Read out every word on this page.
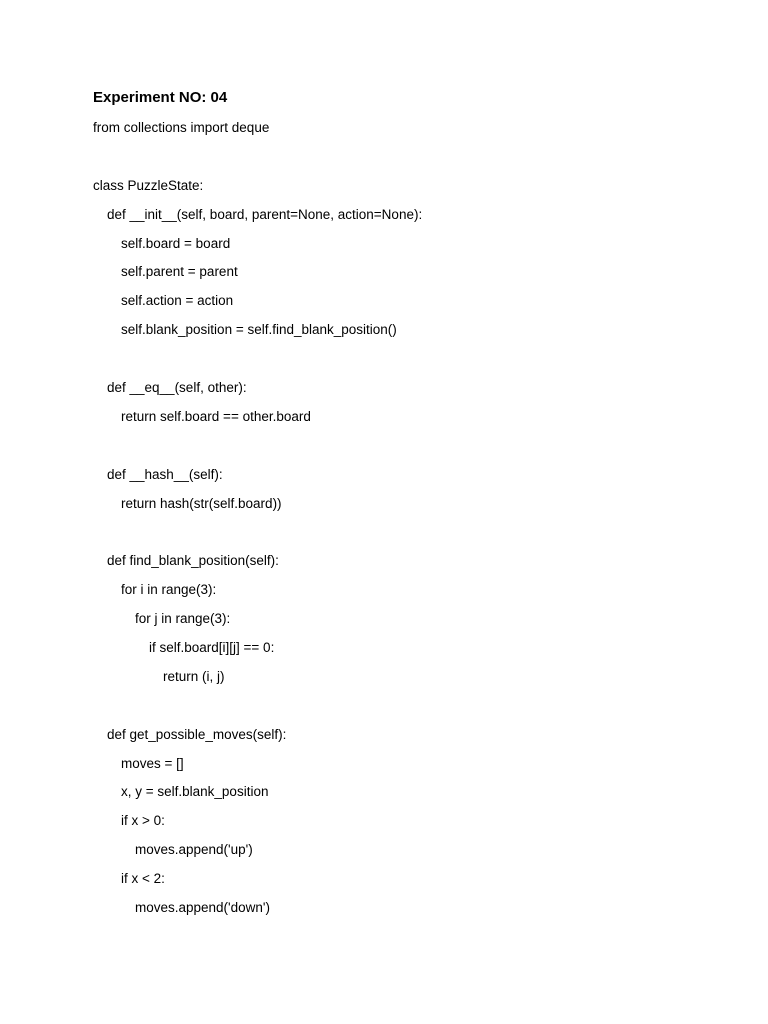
Experiment NO: 04
from collections import deque
class PuzzleState:
def __init__(self, board, parent=None, action=None):
self.board = board
self.parent = parent
self.action = action
self.blank_position = self.find_blank_position()
def __eq__(self, other):
return self.board == other.board
def __hash__(self):
return hash(str(self.board))
def find_blank_position(self):
for i in range(3):
for j in range(3):
if self.board[i][j] == 0:
return (i, j)
def get_possible_moves(self):
moves = []
x, y = self.blank_position
if x > 0:
moves.append('up')
if x < 2:
moves.append('down')
